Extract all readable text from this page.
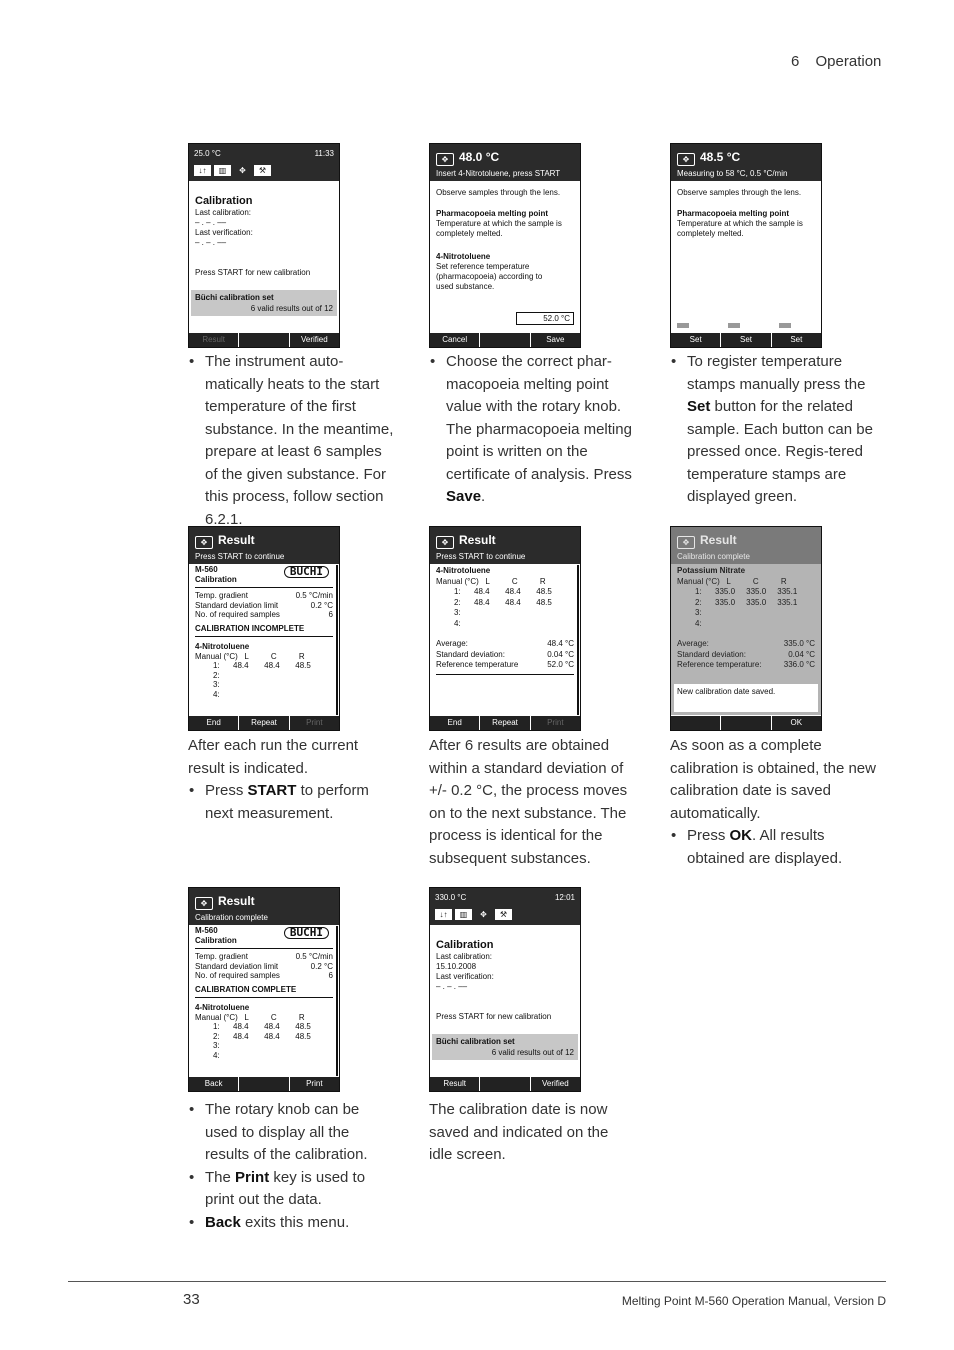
6 Operation
25.0 °C	11:33
↓↑	▥	✥	⚒
Calibration
Last calibration:
– . – . ––
Last verification:
– . – . ––
Press START for new calibration
Büchi calibration set
6 valid results out of 12
Result	Verified
✥ 48.0 °C
Insert 4-Nitrotoluene, press START
Observe samples through the lens.
Pharmacopoeia melting point
Temperature at which the sample is
completely melted.
4-Nitrotoluene
Set reference temperature
(pharmacopoeia) according to
used substance.
52.0 °C
Cancel	Save
✥ 48.5 °C
Measuring to 58 °C, 0.5 °C/min
Observe samples through the lens.
Pharmacopoeia melting point
Temperature at which the sample is
completely melted.
Set	Set	Set
✥ Result
Press START to continue
M-560
Calibration
BUCHI
Temp. gradient	0.5 °C/min
Standard deviation limit	0.2 °C
No. of required samples	6
CALIBRATION INCOMPLETE
4-Nitrotoluene
Manual (°C)   L          C          R
1:      48.4       48.4       48.5
2:
3:
4:
End	Repeat	Print
✥ Result
Press START to continue
4-Nitrotoluene
Manual (°C)   L          C          R
1:      48.4       48.4       48.5
2:      48.4       48.4       48.5
3:
4:
Average:	48.4 °C
Standard deviation:	0.04 °C
Reference temperature	52.0 °C
End	Repeat	Print
✥ Result
Calibration complete
Potassium Nitrate
Manual (°C)   L          C          R
1:      335.0     335.0     335.1
2:      335.0     335.0     335.1
3:
4:
Average:	335.0 °C
Standard deviation:	0.04 °C
Reference temperature:	336.0 °C
New calibration date saved.
OK
✥ Result
Calibration complete
M-560
Calibration
BUCHI
Temp. gradient	0.5 °C/min
Standard deviation limit	0.2 °C
No. of required samples	6
CALIBRATION COMPLETE
4-Nitrotoluene
Manual (°C)   L          C          R
1:      48.4       48.4       48.5
2:      48.4       48.4       48.5
3:
4:
Back	Print
330.0 °C	12:01
↓↑	▥	✥	⚒
Calibration
Last calibration:
15.10.2008
Last verification:
– . – . ––
Press START for new calibration
Büchi calibration set
6 valid results out of 12
Result	Verified
• The instrument auto-matically heats to the start temperature of the first substance. In the meantime, prepare at least 6 samples of the given substance. For this process, follow section 6.2.1.
• Choose the correct phar-macopoeia melting point value with the rotary knob. The pharmacopoeia melting point is written on the certificate of analysis. Press Save.
• To register temperature stamps manually press the Set button for the related sample. Each button can be pressed once. Regis-tered temperature stamps are displayed green.

After each run the current result is indicated.

• Press START to perform next measurement.

After 6 results are obtained within a standard deviation of +/- 0.2 °C, the process moves on to the next substance. The process is identical for the subsequent substances.

As soon as a complete calibration is obtained, the new calibration date is saved automatically.

• Press OK. All results obtained are displayed.
• The rotary knob can be used to display all the results of the calibration.
• The Print key is used to print out the data.
• Back exits this menu.

The calibration date is now saved and indicated on the idle screen.

33	Melting Point M-560 Operation Manual, Version D
